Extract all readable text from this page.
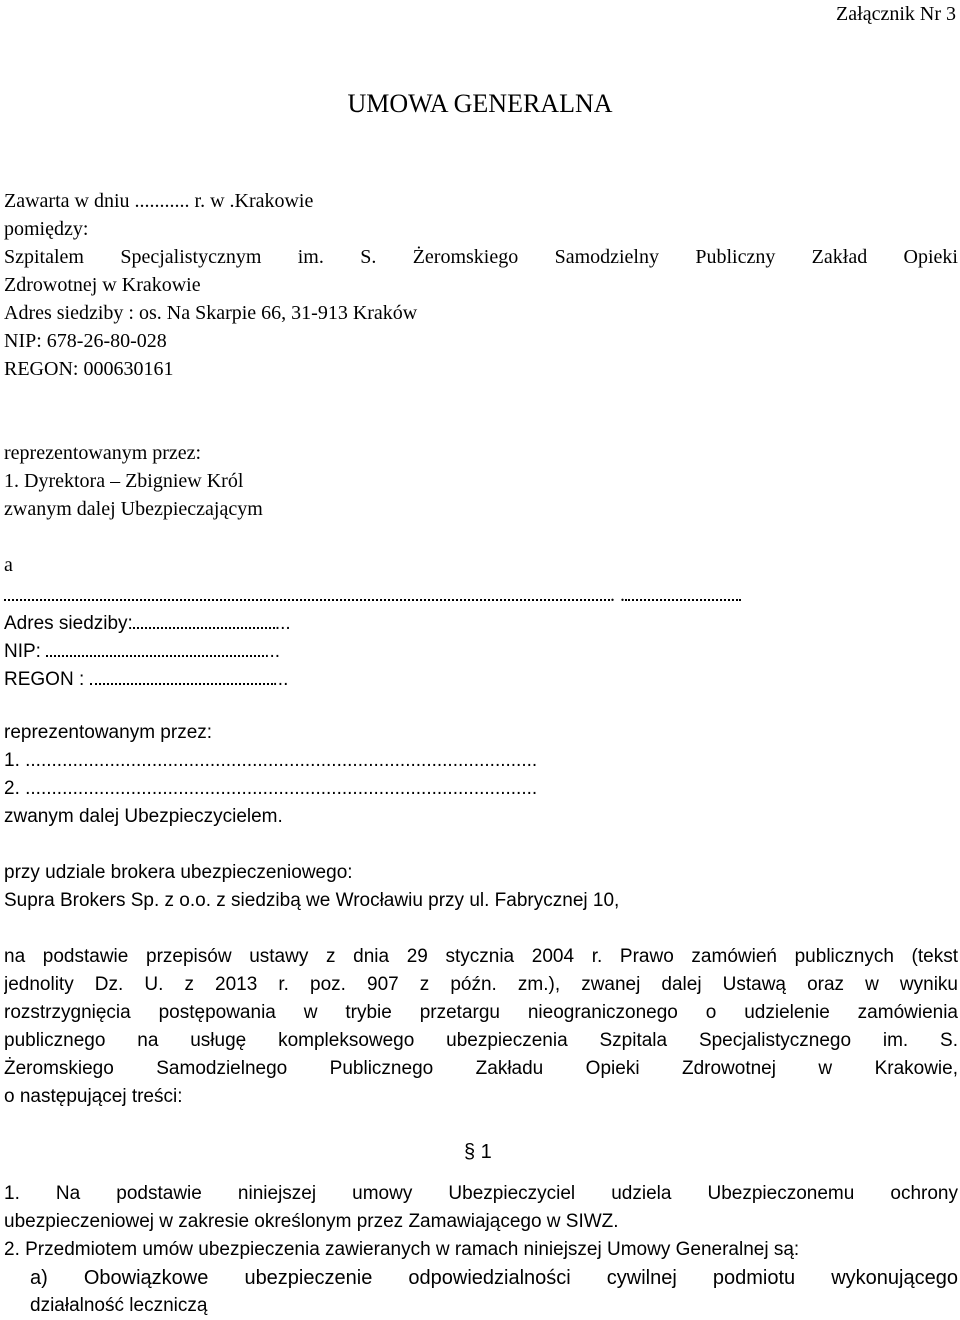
Załącznik Nr 3
UMOWA GENERALNA
Zawarta w dniu ........... r. w .Krakowie
pomiędzy:
Szpitalem Specjalistycznym im. S. Żeromskiego Samodzielny Publiczny Zakład Opieki
Zdrowotnej w Krakowie
Adres siedziby : os. Na Skarpie 66, 31-913 Kraków
NIP: 678-26-80-028
REGON: 000630161
reprezentowanym przez:
1. Dyrektora – Zbigniew Król
zwanym dalej Ubezpieczającym
a
. .
Adres siedziby:	...
NIP:	...
REGON :	...
reprezentowanym przez:
1. .................................................................................................
2. .................................................................................................
zwanym dalej Ubezpieczycielem.
przy udziale brokera ubezpieczeniowego:
Supra Brokers Sp. z o.o. z siedzibą we Wrocławiu przy ul. Fabrycznej 10,
na podstawie przepisów ustawy z dnia 29 stycznia 2004 r. Prawo zamówień publicznych (tekst
jednolity Dz. U. z 2013 r. poz. 907 z późn. zm.), zwanej dalej Ustawą oraz w wyniku
rozstrzygnięcia postępowania w trybie przetargu nieograniczonego o udzielenie zamówienia
publicznego na usługę kompleksowego ubezpieczenia Szpitala Specjalistycznego im. S.
Żeromskiego Samodzielnego Publicznego Zakładu Opieki Zdrowotnej w Krakowie,
o następującej treści:
§ 1
1. Na podstawie niniejszej umowy Ubezpieczyciel udziela Ubezpieczonemu ochrony
ubezpieczeniowej w zakresie określonym przez Zamawiającego w SIWZ.
2. Przedmiotem umów ubezpieczenia zawieranych w ramach niniejszej Umowy Generalnej są:
a) Obowiązkowe ubezpieczenie odpowiedzialności cywilnej podmiotu wykonującego
działalność leczniczą
